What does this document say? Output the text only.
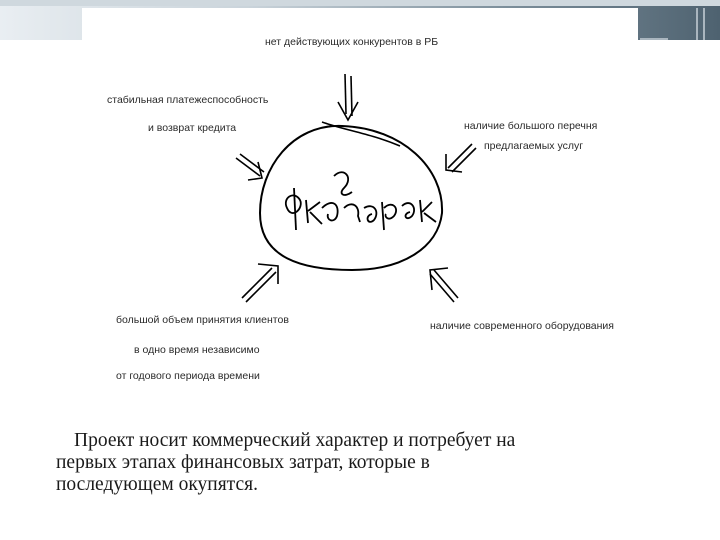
нет действующих конкурентов в РБ
стабильная платежеспособность
и возврат кредита	наличие большого перечня
предлагаемых услуг
большой объем принятия клиентов
в одно время независимо
от годового периода времени
наличие современного оборудования
Проект носит коммерческий характер и потребует на
первых этапах финансовых затрат, которые в
последующем окупятся.
